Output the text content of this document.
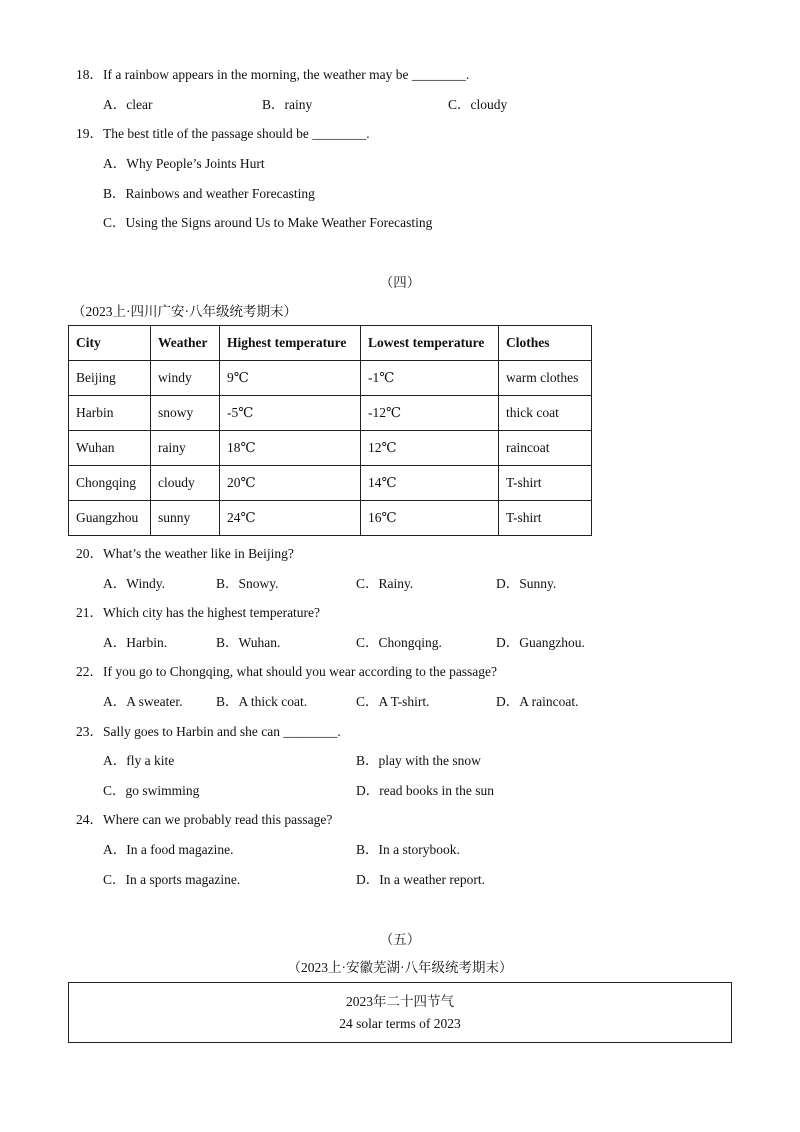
18．If a rainbow appears in the morning, the weather may be ________.
A．clear	B．rainy	C．cloudy
19．The best title of the passage should be ________.
A．Why People’s Joints Hurt
B．Rainbows and weather Forecasting
C．Using the Signs around Us to Make Weather Forecasting
（四）
（2023上·四川广安·八年级统考期末）
City	Weather	Highest temperature	Lowest temperature	Clothes
Beijing	windy	9℃	-1℃	warm clothes
Harbin	snowy	-5℃	-12℃	thick coat
Wuhan	rainy	18℃	12℃	raincoat
Chongqing	cloudy	20℃	14℃	T-shirt
Guangzhou	sunny	24℃	16℃	T-shirt
20．What’s the weather like in Beijing?
A．Windy.	B．Snowy.	C．Rainy.	D．Sunny.
21．Which city has the highest temperature?
A．Harbin.	B．Wuhan.	C．Chongqing.	D．Guangzhou.
22．If you go to Chongqing, what should you wear according to the passage?
A．A sweater. B．A thick coat.	C．A T-shirt.	D．A raincoat.
23．Sally goes to Harbin and she can ________.
A．fly a kite	B．play with the snow
C．go swimming	D．read books in the sun
24．Where can we probably read this passage?
A．In a food magazine.	B．In a storybook.
C．In a sports magazine.	D．In a weather report.
（五）
（2023上·安徽芜湖·八年级统考期末）
2023年二十四节气
24 solar terms of 2023
